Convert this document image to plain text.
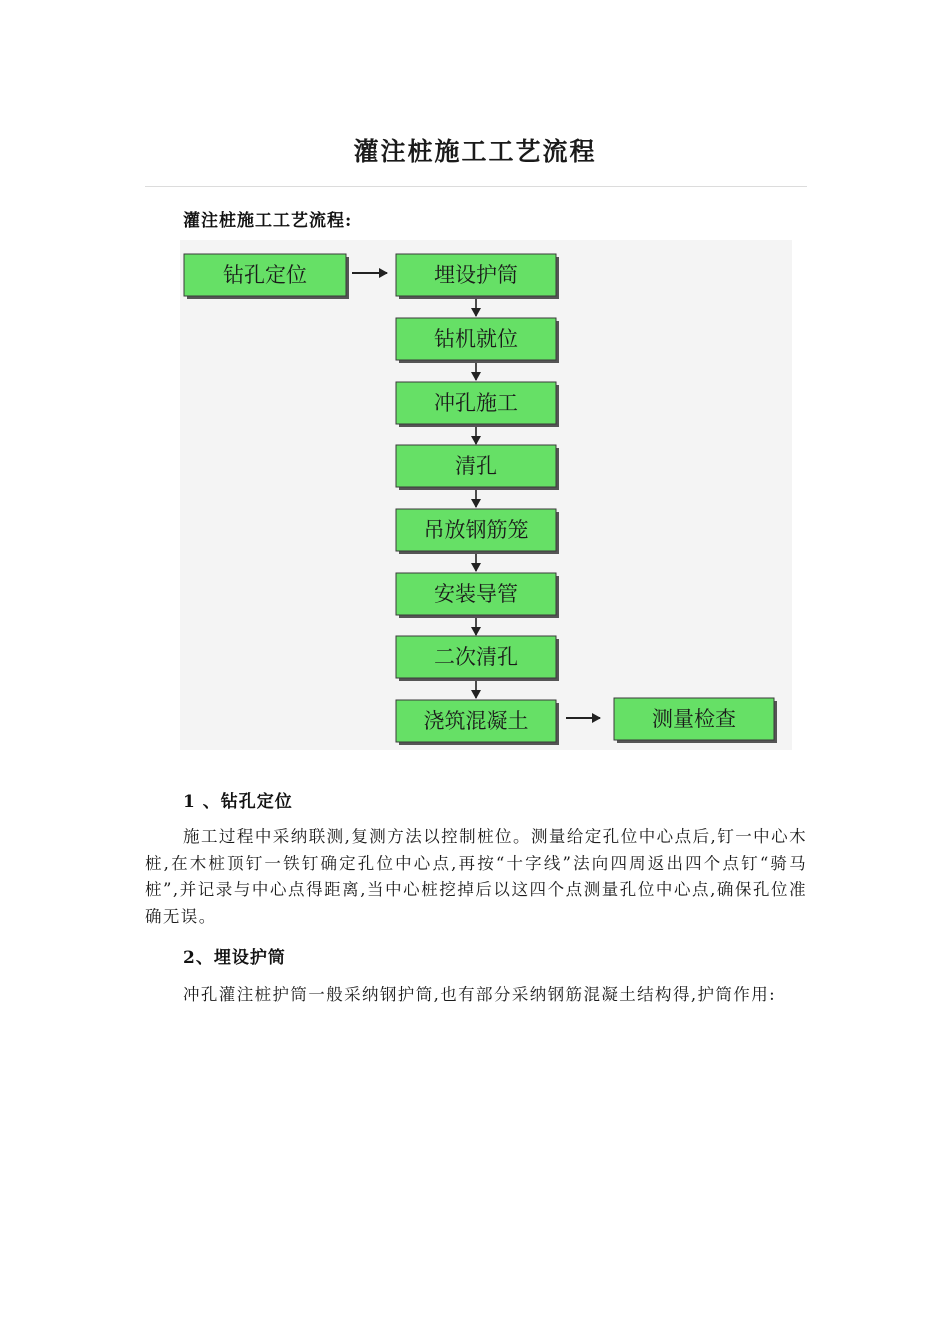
灌注桩施工工艺流程
灌注桩施工工艺流程:
钻孔定位	埋设护筒
钻机就位
冲孔施工
清孔
吊放钢筋笼
安装导管
二次清孔
浇筑混凝土	测量检查
1 、钻孔定位
施工过程中采纳联测,复测方法以控制桩位。测量给定孔位中心点后,钉一中心木桩,在木桩顶钉一铁钉确定孔位中心点,再按“十字线”法向四周返出四个点钉“骑马桩”,并记录与中心点得距离,当中心桩挖掉后以这四个点测量孔位中心点,确保孔位准确无误。
2、埋设护筒
冲孔灌注桩护筒一般采纳钢护筒,也有部分采纳钢筋混凝土结构得,护筒作用:
